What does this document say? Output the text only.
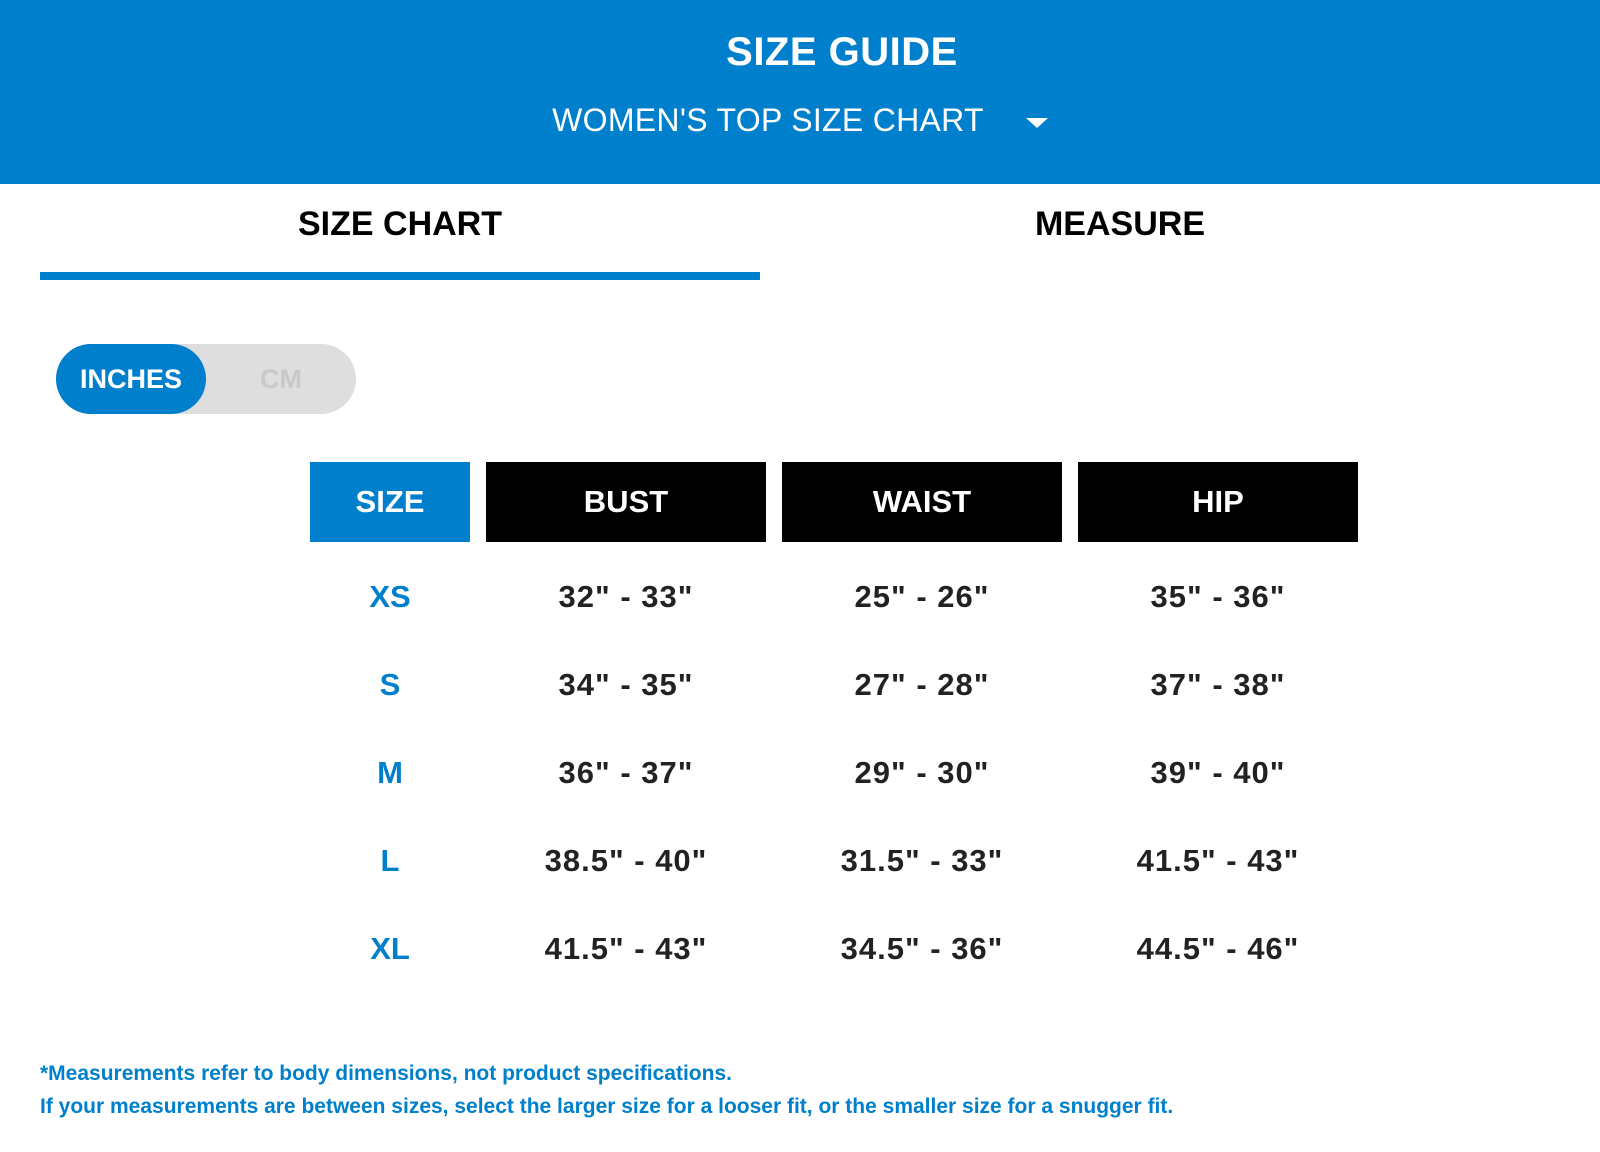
SIZE GUIDE
WOMEN'S TOP SIZE CHART
SIZE CHART	MEASURE
INCHES	CM
SIZE	BUST	WAIST	HIP
XS	32" - 33"	25" - 26"	35" - 36"
S	34" - 35"	27" - 28"	37" - 38"
M	36" - 37"	29" - 30"	39" - 40"
L	38.5" - 40"	31.5" - 33"	41.5" - 43"
XL	41.5" - 43"	34.5" - 36"	44.5" - 46"
*Measurements refer to body dimensions, not product specifications.
If your measurements are between sizes, select the larger size for a looser fit, or the smaller size for a snugger fit.
